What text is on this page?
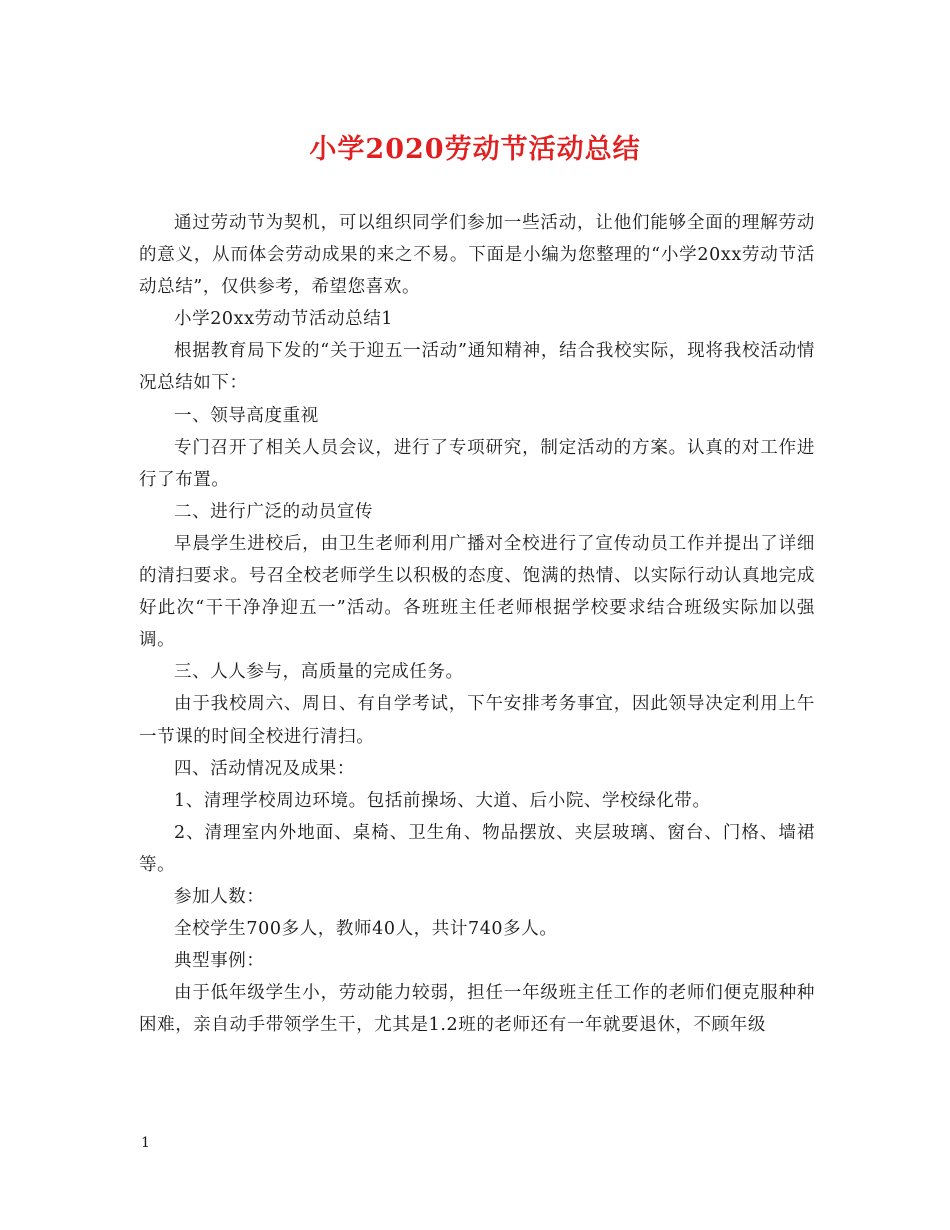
小学2020劳动节活动总结

通过劳动节为契机，可以组织同学们参加一些活动，让他们能够全面的理解劳动的意义，从而体会劳动成果的来之不易。下面是小编为您整理的“小学20xx劳动节活动总结”，仅供参考，希望您喜欢。

小学20xx劳动节活动总结1

根据教育局下发的“关于迎五一活动”通知精神，结合我校实际，现将我校活动情况总结如下：

一、领导高度重视

专门召开了相关人员会议，进行了专项研究，制定活动的方案。认真的对工作进行了布置。

二、进行广泛的动员宣传

早晨学生进校后，由卫生老师利用广播对全校进行了宣传动员工作并提出了详细的清扫要求。号召全校老师学生以积极的态度、饱满的热情、以实际行动认真地完成好此次“干干净净迎五一”活动。各班班主任老师根据学校要求结合班级实际加以强调。

三、人人参与，高质量的完成任务。

由于我校周六、周日、有自学考试，下午安排考务事宜，因此领导决定利用上午一节课的时间全校进行清扫。

四、活动情况及成果：

1、清理学校周边环境。包括前操场、大道、后小院、学校绿化带。

2、清理室内外地面、桌椅、卫生角、物品摆放、夹层玻璃、窗台、门格、墙裙等。

参加人数：

全校学生700多人，教师40人，共计740多人。

典型事例：

由于低年级学生小，劳动能力较弱，担任一年级班主任工作的老师们便克服种种困难，亲自动手带领学生干，尤其是1.2班的老师还有一年就要退休，不顾年级

1
